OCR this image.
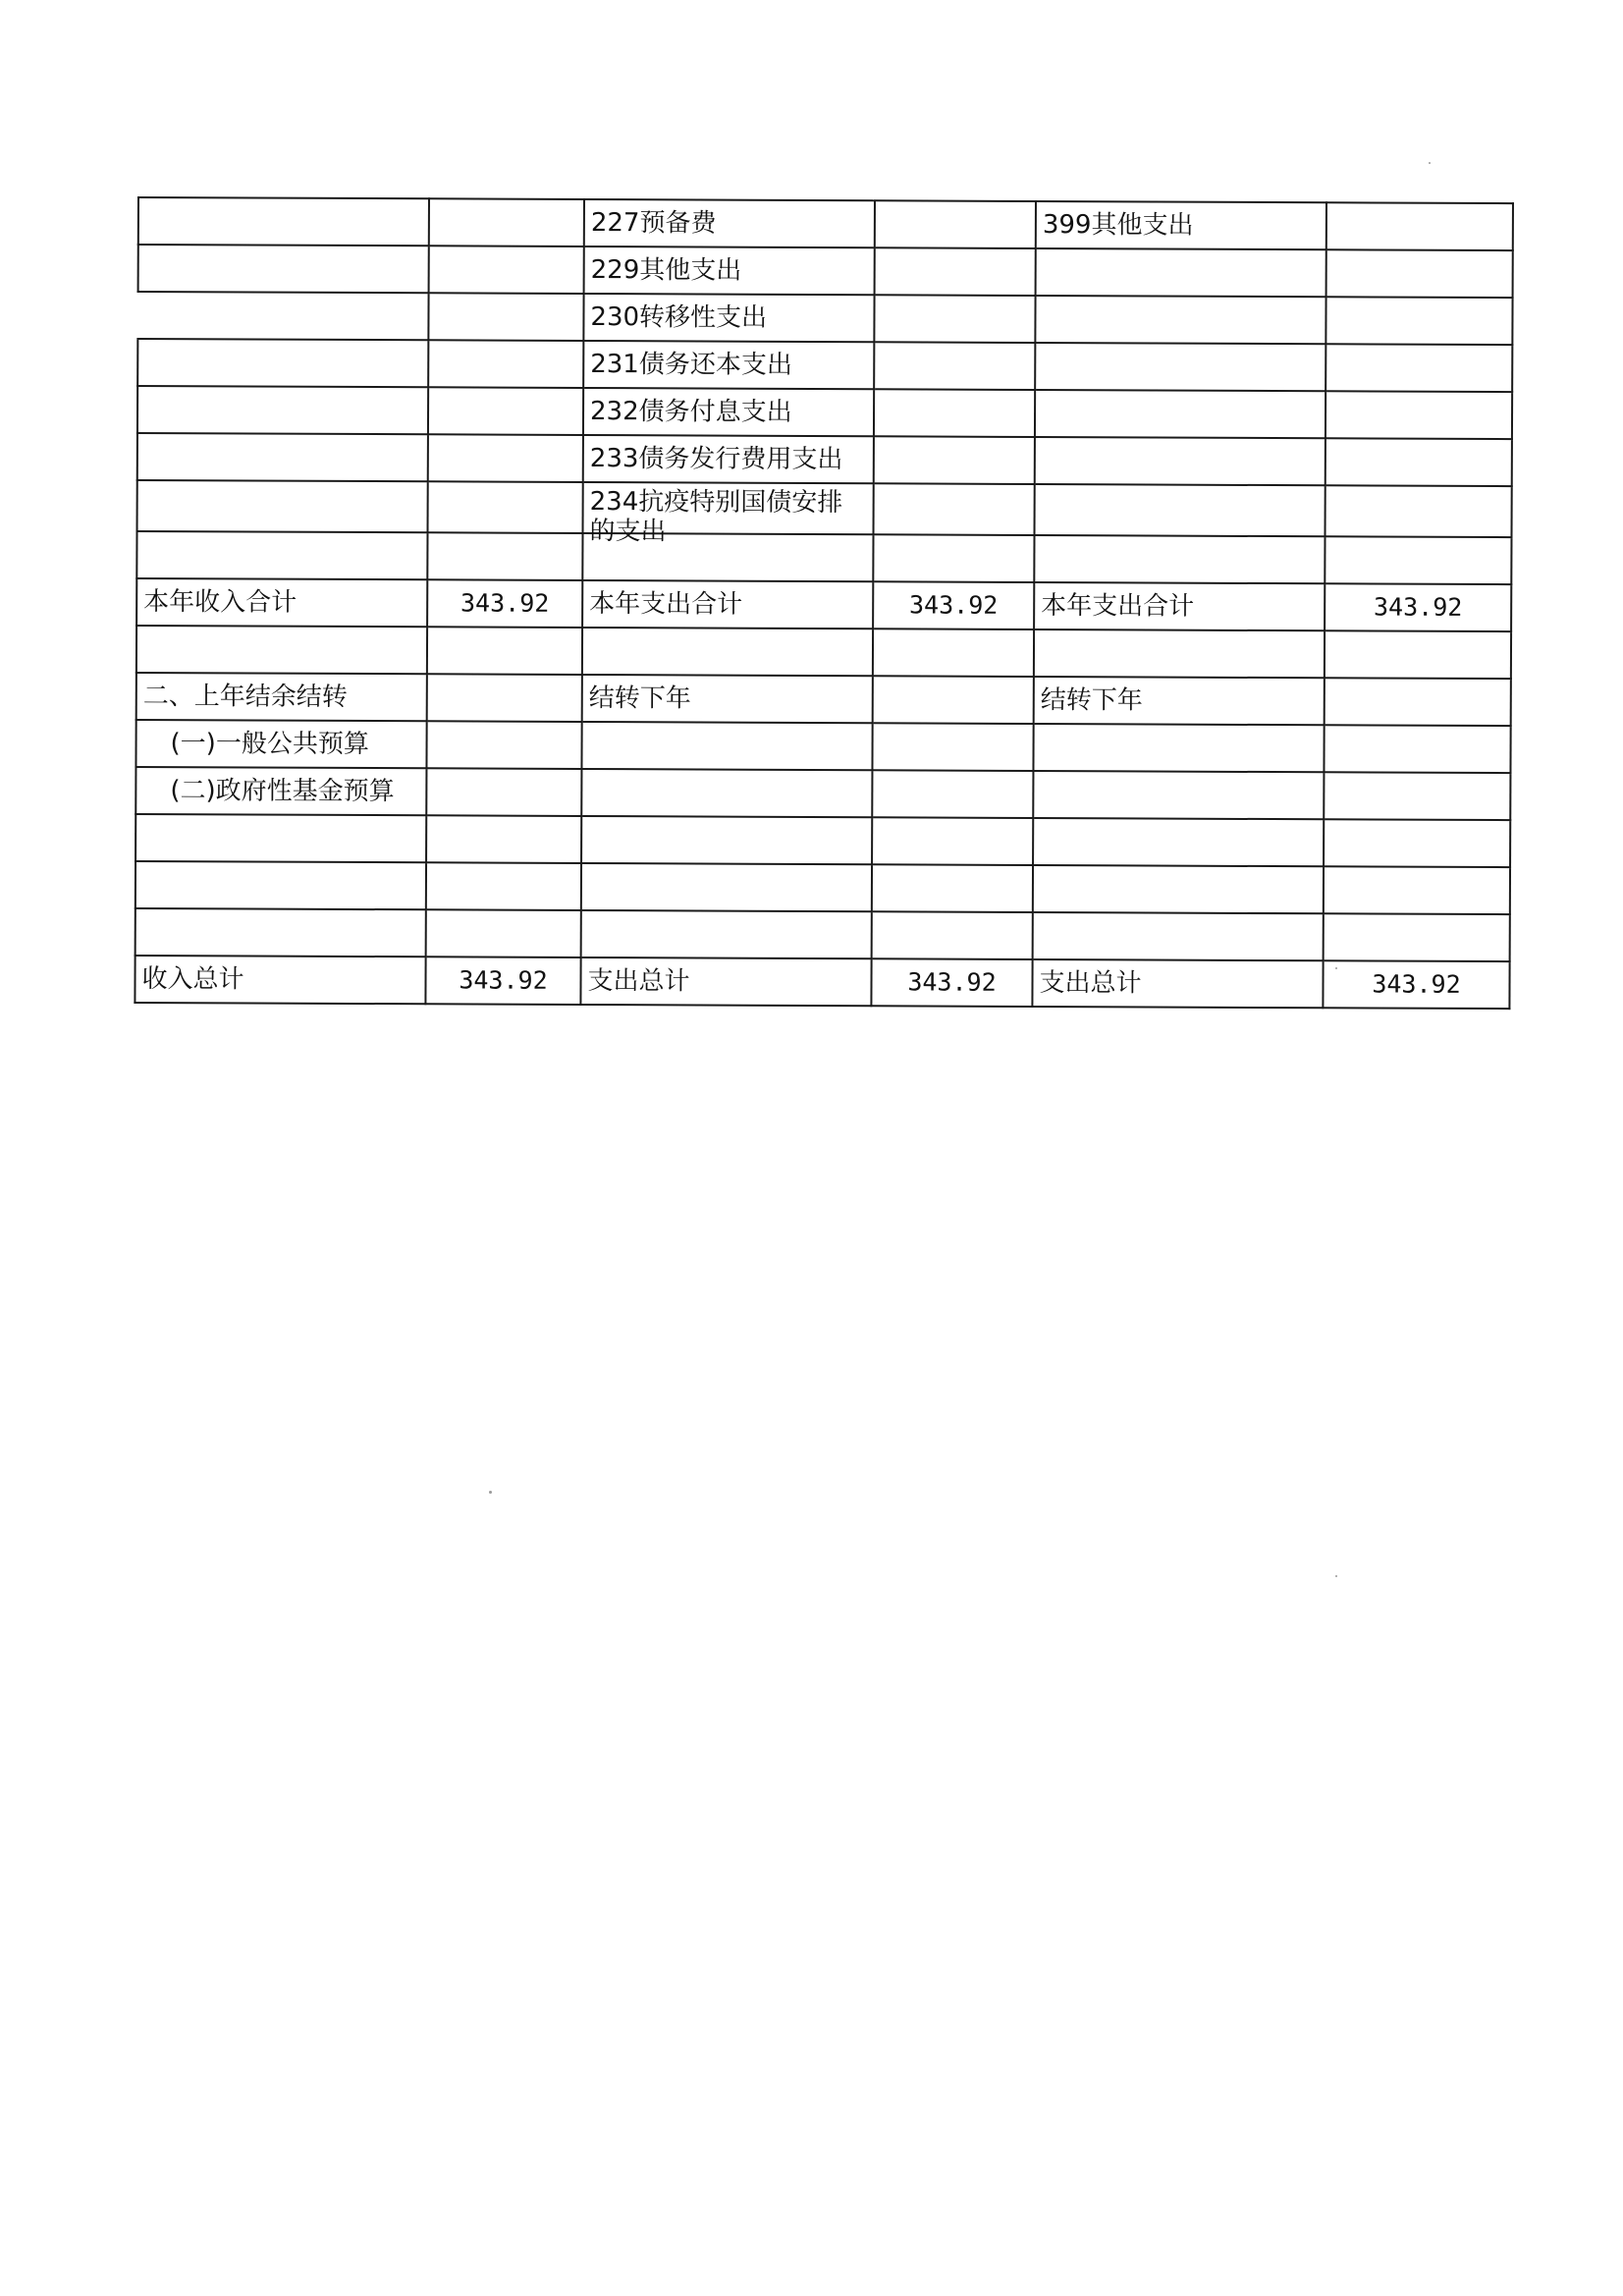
		227预备费		399其他支出	
		229其他支出			
		230转移性支出			
		231债务还本支出			
		232债务付息支出			
		233债务发行费用支出			

		234抗疫特别国债安排的支出			

本年收入合计	343.92	本年支出合计	343.92	本年支出合计	343.92

二、上年结余结转		结转下年		结转下年	
(一)一般公共预算					
(二)政府性基金预算					

收入总计	343.92	支出总计	343.92	支出总计	343.92
